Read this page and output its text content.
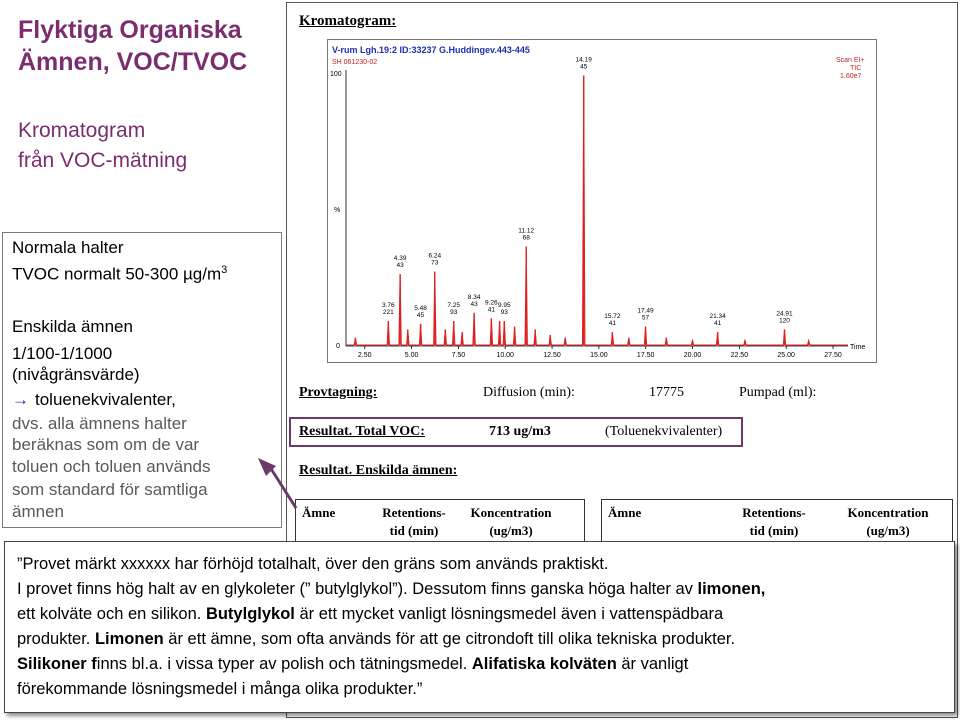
Flyktiga Organiska
Ämnen, VOC/TVOC
Kromatogram
från VOC-mätning
Normala halter
TVOC normalt 50-300 $\mu g/m^3$
Enskilda ämnen
1/100-1/1000
(nivågränsvärde)
→ toluenekvivalenter,
dvs. alla ämnens halter
beräknas som om de var
toluen och toluen används
som standard för samtliga
ämnen
Kromatogram:
V-rum Lgh.19:2 ID:33237 G.Huddingev.443-445
SH 061230-02	Scan EI+
TIC
1.60e7
100
%
0	Time
3.76
221
4.39
43
5.48
45
6.24
73
7.25
93
8.34
43 9.26
41
9.95
93
11.12
68
14.19
45
15.72
41
17.49
57	21.34
41
24.91
120
2.50	5.00	7.50	10.00	12.50	15.00	17.50	20.00	22.50	25.00	27.50
Provtagning:	Diffusion (min):	17775	Pumpad (ml):
Resultat. Total VOC:	713 ug/m3	(Toluenekvivalenter)
Resultat. Enskilda ämnen:
Ämne	Retentions-
tid (min)
Koncentration
(ug/m3)
Ämne	Retentions-
tid (min)
Koncentration
(ug/m3)
”Provet märkt xxxxxx har förhöjd totalhalt, över den gräns som används praktiskt.
I provet finns hög halt av en glykoleter (” butylglykol”). Dessutom finns ganska höga halter av limonen,
ett kolväte och en silikon. Butylglykol är ett mycket vanligt lösningsmedel även i vattenspädbara
produkter. Limonen är ett ämne, som ofta används för att ge citrondoft till olika tekniska produkter.
Silikoner finns bl.a. i vissa typer av polish och tätningsmedel. Alifatiska kolväten är vanligt
förekommande lösningsmedel i många olika produkter.”
